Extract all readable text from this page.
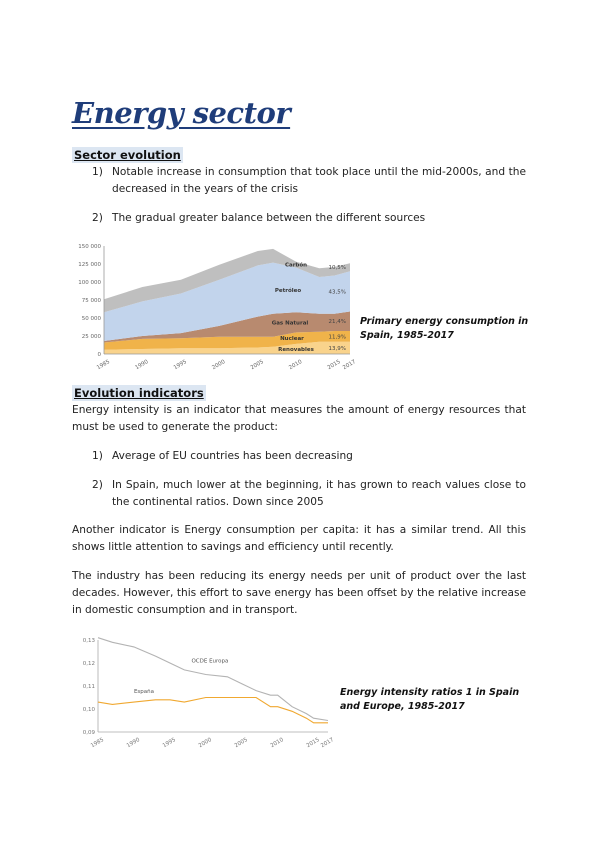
Energy sector
Sector evolution
1) Notable increase in consumption that took place until the mid-2000s, and the decreased in the years of the crisis
2) The gradual greater balance between the different sources
0
25 000
50 000
75 000
100 000
125 000
150 000
1985	1990	1995	2000	2005	2010	2015 2017
Renovables	13,9%
Nuclear	11,9%
Gas Natural	21,4%
Petróleo	43,5%
Carbón	10,5%
Primary energy consumption in Spain, 1985-2017
Evolution indicators
Energy intensity is an indicator that measures the amount of energy resources that must be used to generate the product:
1) Average of EU countries has been decreasing
2) In Spain, much lower at the beginning, it has grown to reach values close to the continental ratios. Down since 2005
Another indicator is Energy consumption per capita: it has a similar trend. All this shows little attention to savings and efficiency until recently.
The industry has been reducing its energy needs per unit of product over the last decades. However, this effort to save energy has been offset by the relative increase in domestic consumption and in transport.
0,09
0,10
0,11
0,12
0,13
1985	1990	1995	2000	2005	2010	2015 2017
OCDE Europa
España	Energy intensity ratios 1 in Spain and Europe, 1985-2017
